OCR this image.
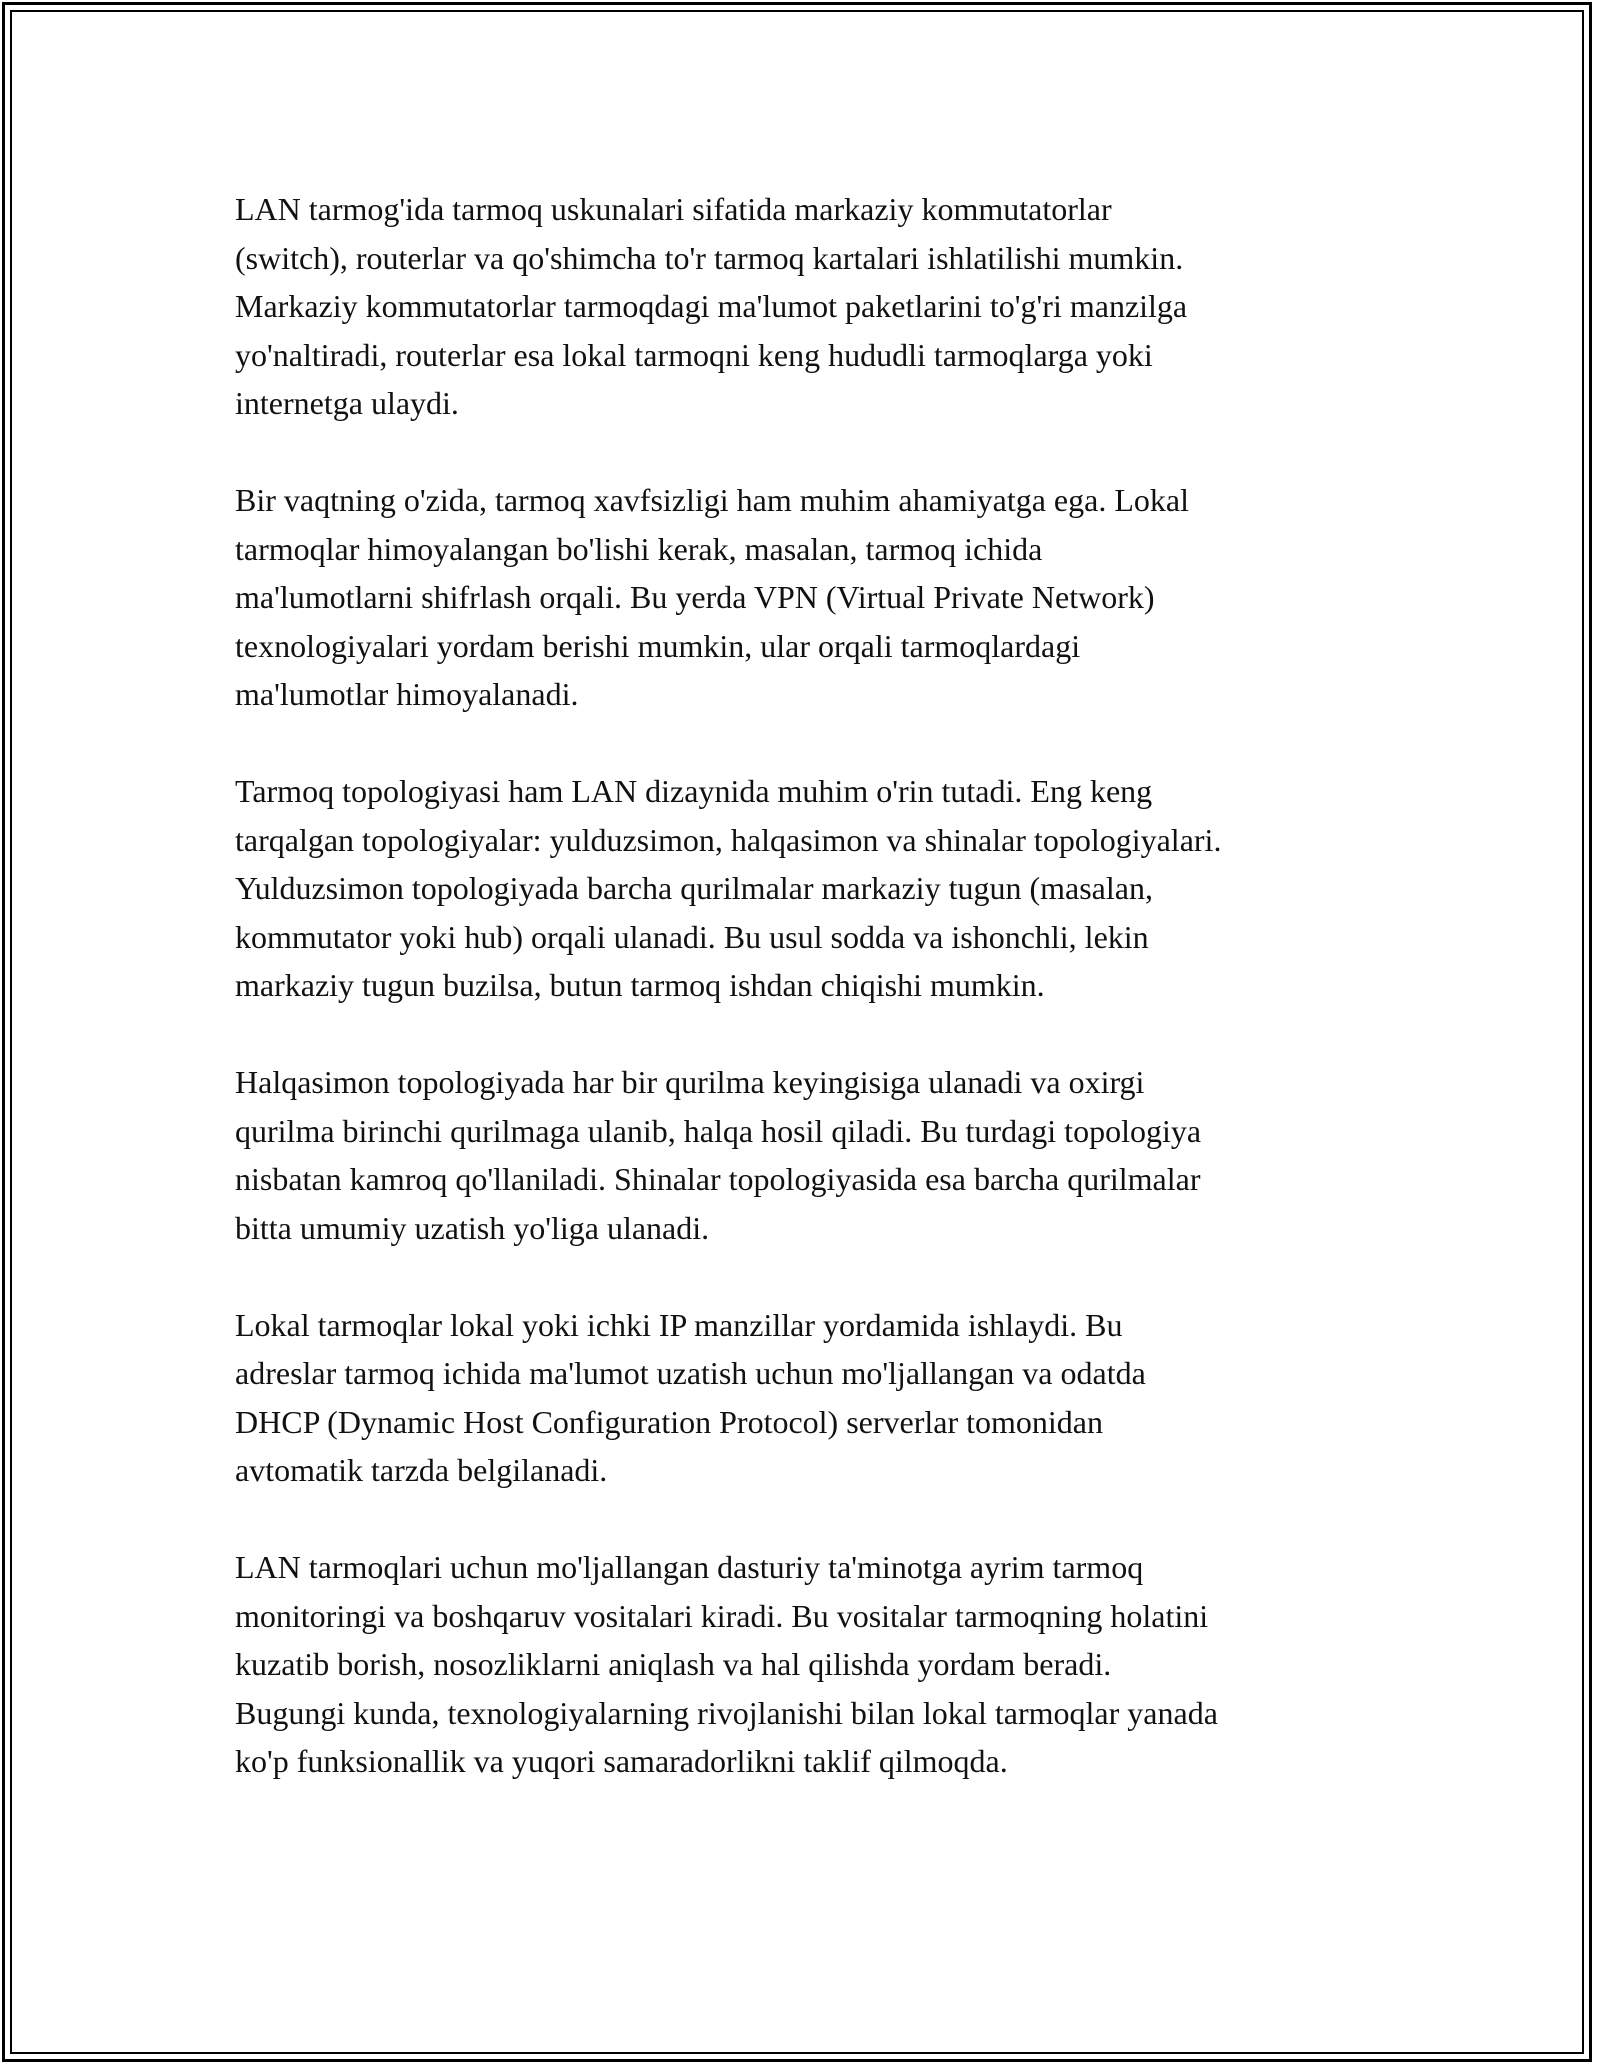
LAN tarmog'ida tarmoq uskunalari sifatida markaziy kommutatorlar
(switch), routerlar va qo'shimcha to'r tarmoq kartalari ishlatilishi mumkin.
Markaziy kommutatorlar tarmoqdagi ma'lumot paketlarini to'g'ri manzilga
yo'naltiradi, routerlar esa lokal tarmoqni keng hududli tarmoqlarga yoki
internetga ulaydi.

Bir vaqtning o'zida, tarmoq xavfsizligi ham muhim ahamiyatga ega. Lokal
tarmoqlar himoyalangan bo'lishi kerak, masalan, tarmoq ichida
ma'lumotlarni shifrlash orqali. Bu yerda VPN (Virtual Private Network)
texnologiyalari yordam berishi mumkin, ular orqali tarmoqlardagi
ma'lumotlar himoyalanadi.

Tarmoq topologiyasi ham LAN dizaynida muhim o'rin tutadi. Eng keng
tarqalgan topologiyalar: yulduzsimon, halqasimon va shinalar topologiyalari.
Yulduzsimon topologiyada barcha qurilmalar markaziy tugun (masalan,
kommutator yoki hub) orqali ulanadi. Bu usul sodda va ishonchli, lekin
markaziy tugun buzilsa, butun tarmoq ishdan chiqishi mumkin.

Halqasimon topologiyada har bir qurilma keyingisiga ulanadi va oxirgi
qurilma birinchi qurilmaga ulanib, halqa hosil qiladi. Bu turdagi topologiya
nisbatan kamroq qo'llaniladi. Shinalar topologiyasida esa barcha qurilmalar
bitta umumiy uzatish yo'liga ulanadi.

Lokal tarmoqlar lokal yoki ichki IP manzillar yordamida ishlaydi. Bu
adreslar tarmoq ichida ma'lumot uzatish uchun mo'ljallangan va odatda
DHCP (Dynamic Host Configuration Protocol) serverlar tomonidan
avtomatik tarzda belgilanadi.

LAN tarmoqlari uchun mo'ljallangan dasturiy ta'minotga ayrim tarmoq
monitoringi va boshqaruv vositalari kiradi. Bu vositalar tarmoqning holatini
kuzatib borish, nosozliklarni aniqlash va hal qilishda yordam beradi.
Bugungi kunda, texnologiyalarning rivojlanishi bilan lokal tarmoqlar yanada
ko'p funksionallik va yuqori samaradorlikni taklif qilmoqda.
